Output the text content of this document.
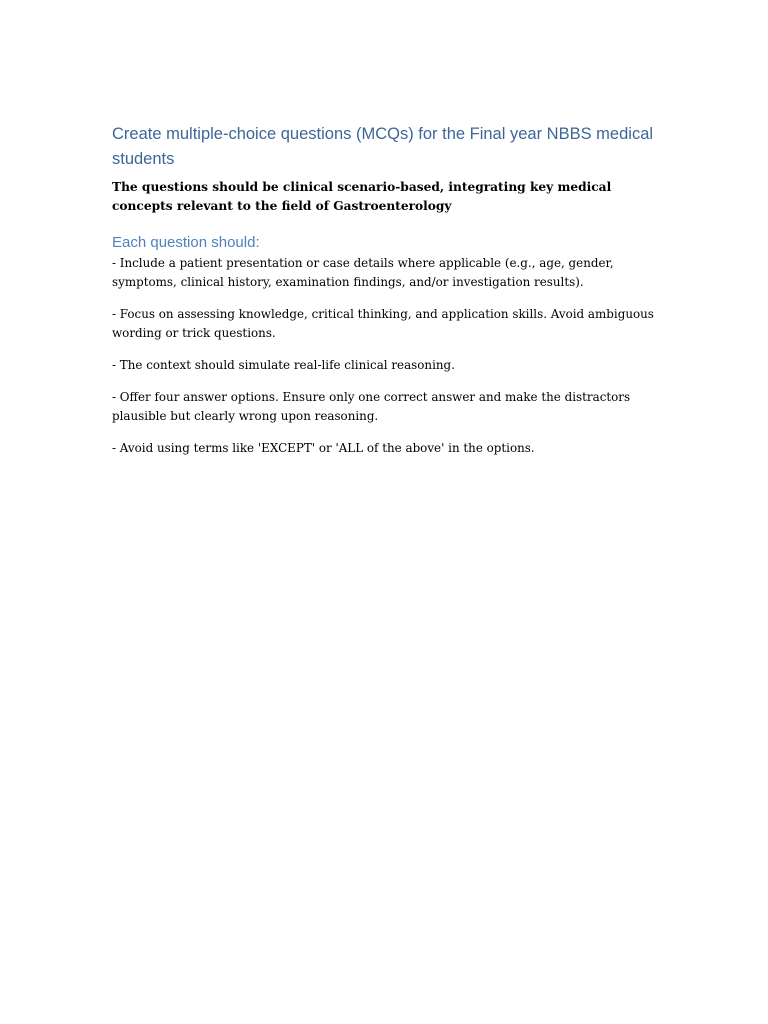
Create multiple-choice questions (MCQs) for the Final year NBBS medical students

The questions should be clinical scenario-based, integrating key medical concepts relevant to the field of Gastroenterology

Each question should:

- Include a patient presentation or case details where applicable (e.g., age, gender, symptoms, clinical history, examination findings, and/or investigation results).

- Focus on assessing knowledge, critical thinking, and application skills. Avoid ambiguous wording or trick questions.

- The context should simulate real-life clinical reasoning.

- Offer four answer options. Ensure only one correct answer and make the distractors plausible but clearly wrong upon reasoning.

- Avoid using terms like 'EXCEPT' or 'ALL of the above' in the options.
